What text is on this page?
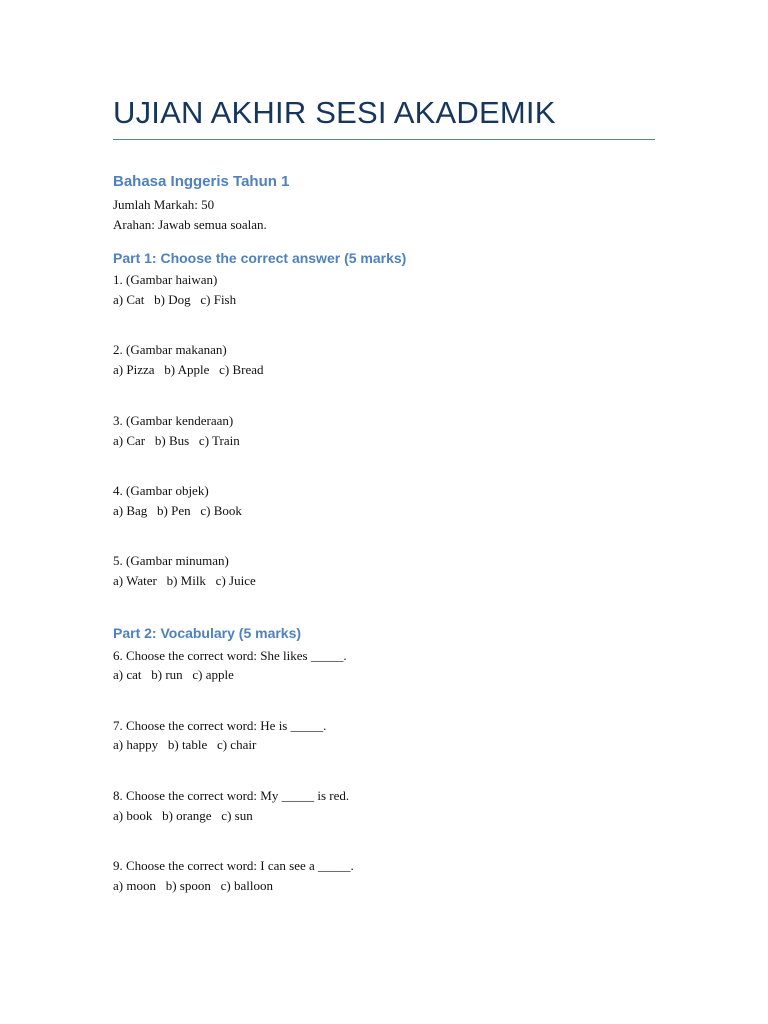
UJIAN AKHIR SESI AKADEMIK
Bahasa Inggeris Tahun 1
Jumlah Markah: 50
Arahan: Jawab semua soalan.
Part 1: Choose the correct answer (5 marks)
1. (Gambar haiwan)
a) Cat   b) Dog   c) Fish
2. (Gambar makanan)
a) Pizza   b) Apple   c) Bread
3. (Gambar kenderaan)
a) Car   b) Bus   c) Train
4. (Gambar objek)
a) Bag   b) Pen   c) Book
5. (Gambar minuman)
a) Water   b) Milk   c) Juice
Part 2: Vocabulary (5 marks)
6. Choose the correct word: She likes _____.
a) cat   b) run   c) apple
7. Choose the correct word: He is _____.
a) happy   b) table   c) chair
8. Choose the correct word: My _____ is red.
a) book   b) orange   c) sun
9. Choose the correct word: I can see a _____.
a) moon   b) spoon   c) balloon
